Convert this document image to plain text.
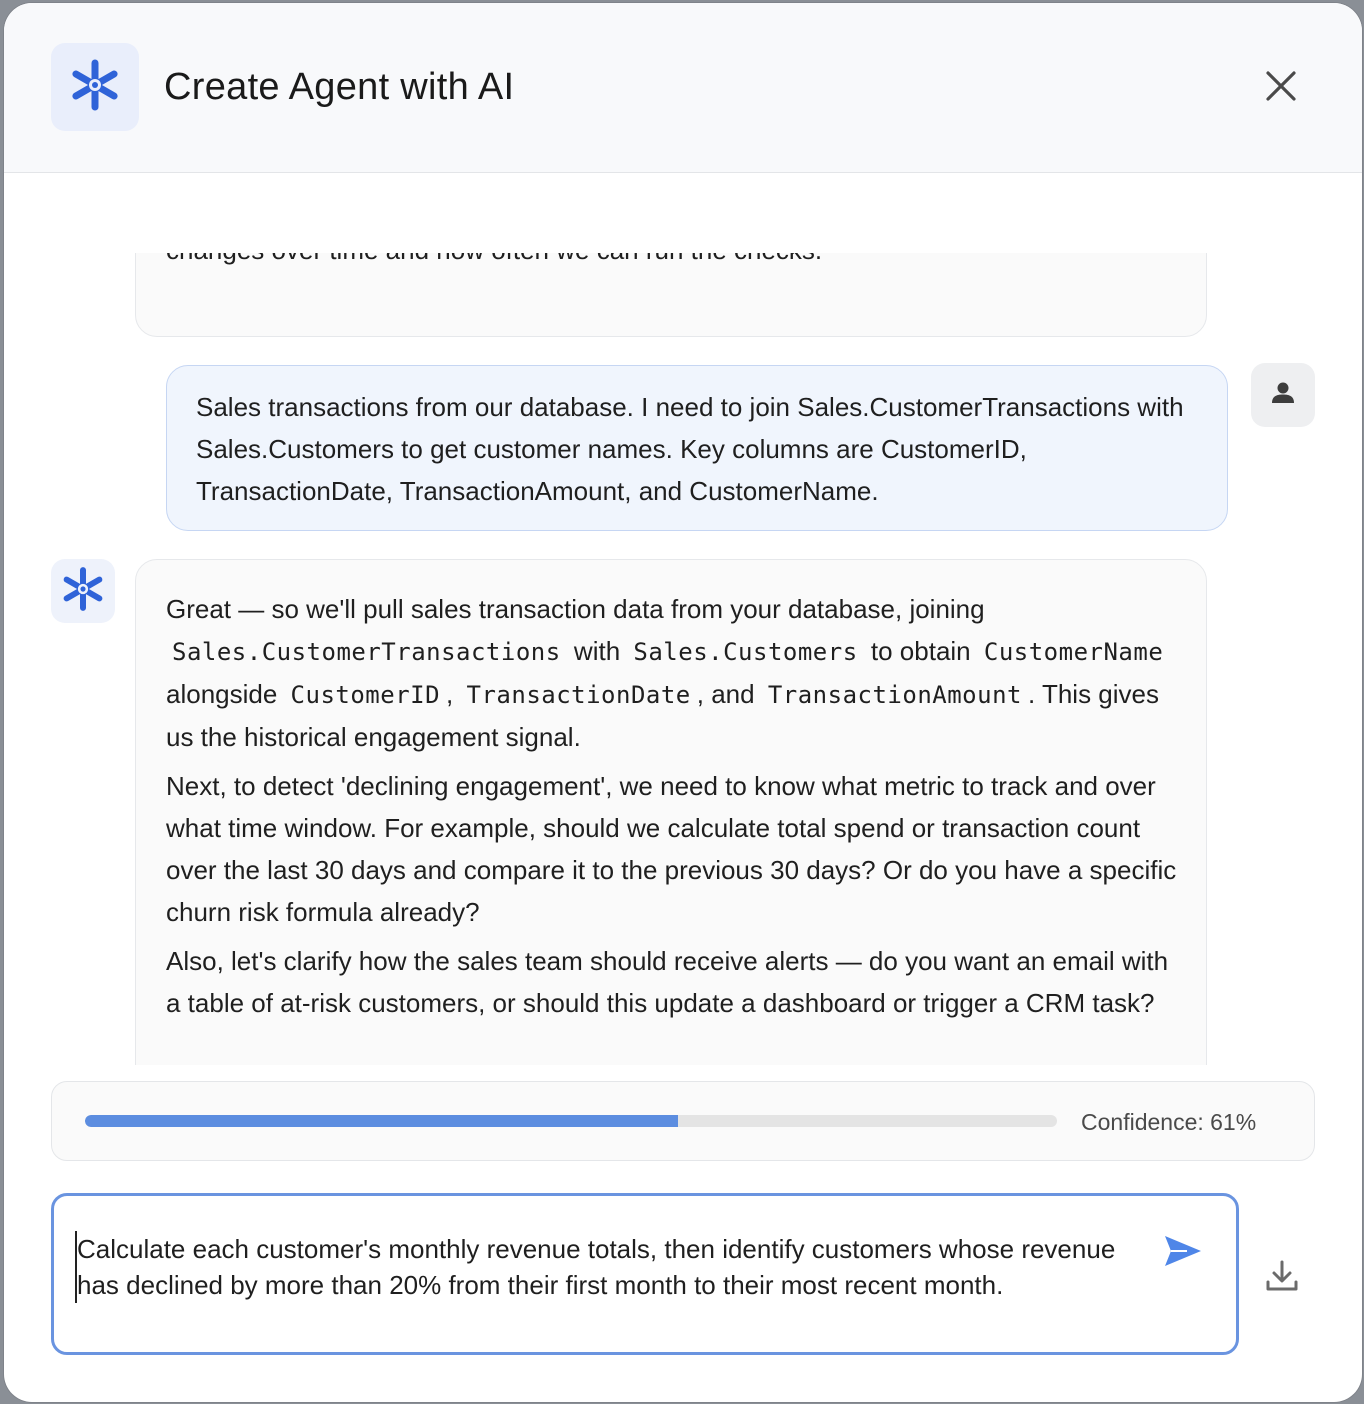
Create Agent with AI

Sales transactions from our database. I need to join Sales.CustomerTransactions with Sales.Customers to get customer names. Key columns are CustomerID, TransactionDate, TransactionAmount, and CustomerName.

Great — so we'll pull sales transaction data from your database, joining Sales.CustomerTransactions with Sales.Customers to obtain CustomerName alongside CustomerID , TransactionDate , and TransactionAmount . This gives us the historical engagement signal.

Next, to detect 'declining engagement', we need to know what metric to track and over what time window. For example, should we calculate total spend or transaction count over the last 30 days and compare it to the previous 30 days? Or do you have a specific churn risk formula already?

Also, let's clarify how the sales team should receive alerts — do you want an email with a table of at-risk customers, or should this update a dashboard or trigger a CRM task?

Confidence: 61%
Calculate each customer's monthly revenue totals, then identify customers whose revenue has declined by more than 20% from their first month to their most recent month.
